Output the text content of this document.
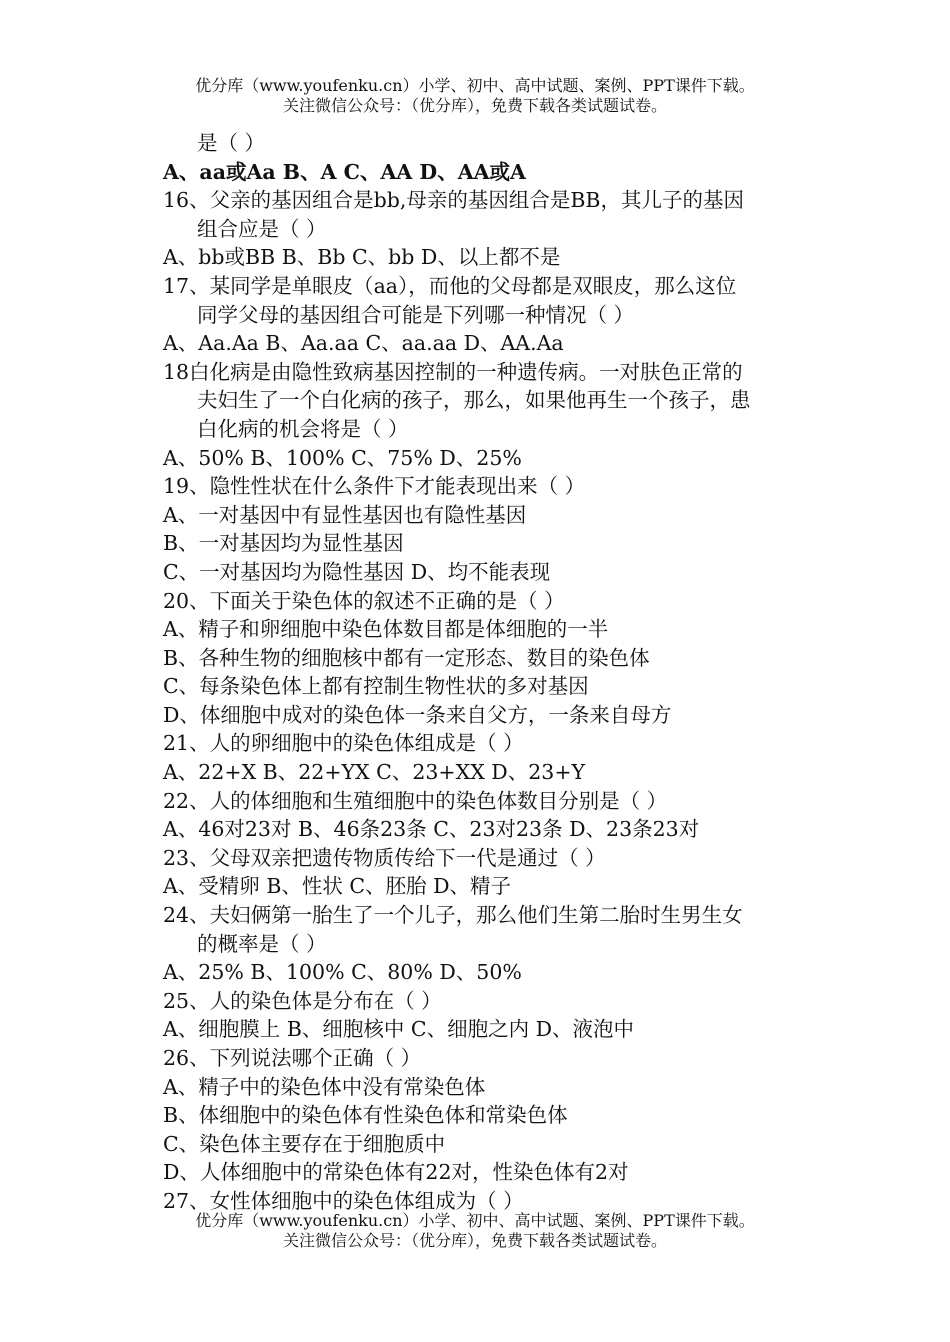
优分库（www.youfenku.cn）小学、初中、高中试题、案例、PPT课件下载。
关注微信公众号：（优分库），免费下载各类试题试卷。
是（ ）
A、aa或Aa B、A C、AA D、AA或A
16、父亲的基因组合是bb,母亲的基因组合是BB，其儿子的基因
组合应是（ ）
A、bb或BB B、Bb C、bb D、以上都不是
17、某同学是单眼皮（aa），而他的父母都是双眼皮，那么这位
同学父母的基因组合可能是下列哪一种情况（ ）
A、Aa.Aa B、Aa.aa C、aa.aa D、AA.Aa
18白化病是由隐性致病基因控制的一种遗传病。一对肤色正常的
夫妇生了一个白化病的孩子，那么，如果他再生一个孩子，患
白化病的机会将是（ ）
A、50% B、100% C、75% D、25%
19、隐性性状在什么条件下才能表现出来（ ）
A、一对基因中有显性基因也有隐性基因
B、一对基因均为显性基因
C、一对基因均为隐性基因 D、均不能表现
20、下面关于染色体的叙述不正确的是（ ）
A、精子和卵细胞中染色体数目都是体细胞的一半
B、各种生物的细胞核中都有一定形态、数目的染色体
C、每条染色体上都有控制生物性状的多对基因
D、体细胞中成对的染色体一条来自父方，一条来自母方
21、人的卵细胞中的染色体组成是（ ）
A、22+X B、22+YX C、23+XX D、23+Y
22、人的体细胞和生殖细胞中的染色体数目分别是（ ）
A、46对23对 B、46条23条 C、23对23条 D、23条23对
23、父母双亲把遗传物质传给下一代是通过（ ）
A、受精卵 B、性状 C、胚胎 D、精子
24、夫妇俩第一胎生了一个儿子，那么他们生第二胎时生男生女
的概率是（ ）
A、25% B、100% C、80% D、50%
25、人的染色体是分布在（ ）
A、细胞膜上 B、细胞核中 C、细胞之内 D、液泡中
26、下列说法哪个正确（ ）
A、精子中的染色体中没有常染色体
B、体细胞中的染色体有性染色体和常染色体
C、染色体主要存在于细胞质中
D、人体细胞中的常染色体有22对，性染色体有2对
27、女性体细胞中的染色体组成为（ ）
优分库（www.youfenku.cn）小学、初中、高中试题、案例、PPT课件下载。
关注微信公众号：（优分库），免费下载各类试题试卷。
